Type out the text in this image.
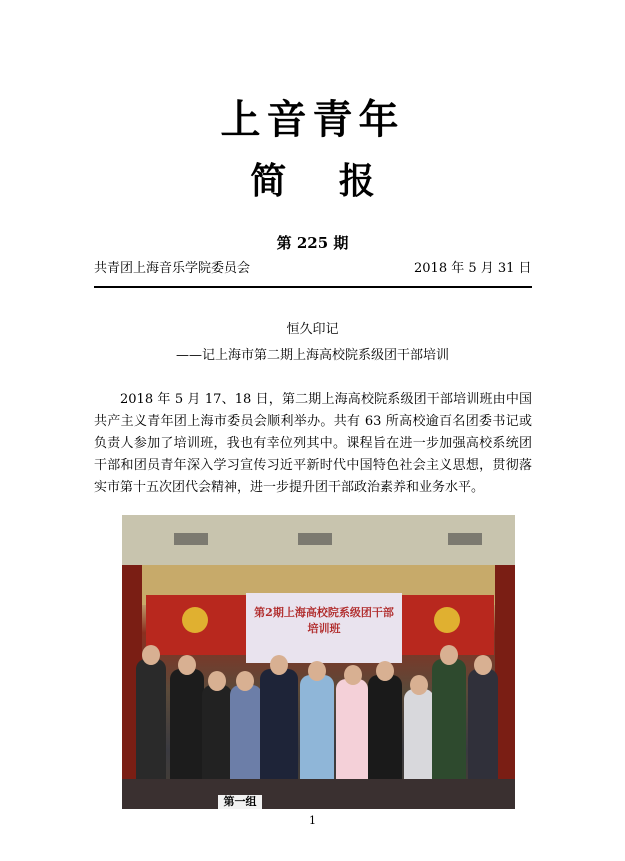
上音青年
简 报
第 225 期
共青团上海音乐学院委员会	2018 年 5 月 31 日
恒久印记
——记上海市第二期上海高校院系级团干部培训

2018 年 5 月 17、18 日，第二期上海高校院系级团干部培训班由中国共产主义青年团上海市委员会顺利举办。共有 63 所高校逾百名团委书记或负责人参加了培训班，我也有幸位列其中。课程旨在进一步加强高校系统团干部和团员青年深入学习宣传习近平新时代中国特色社会主义思想，贯彻落实市第十五次团代会精神，进一步提升团干部政治素养和业务水平。

第2期上海高校院系级团干部
培训班
第一组
1
